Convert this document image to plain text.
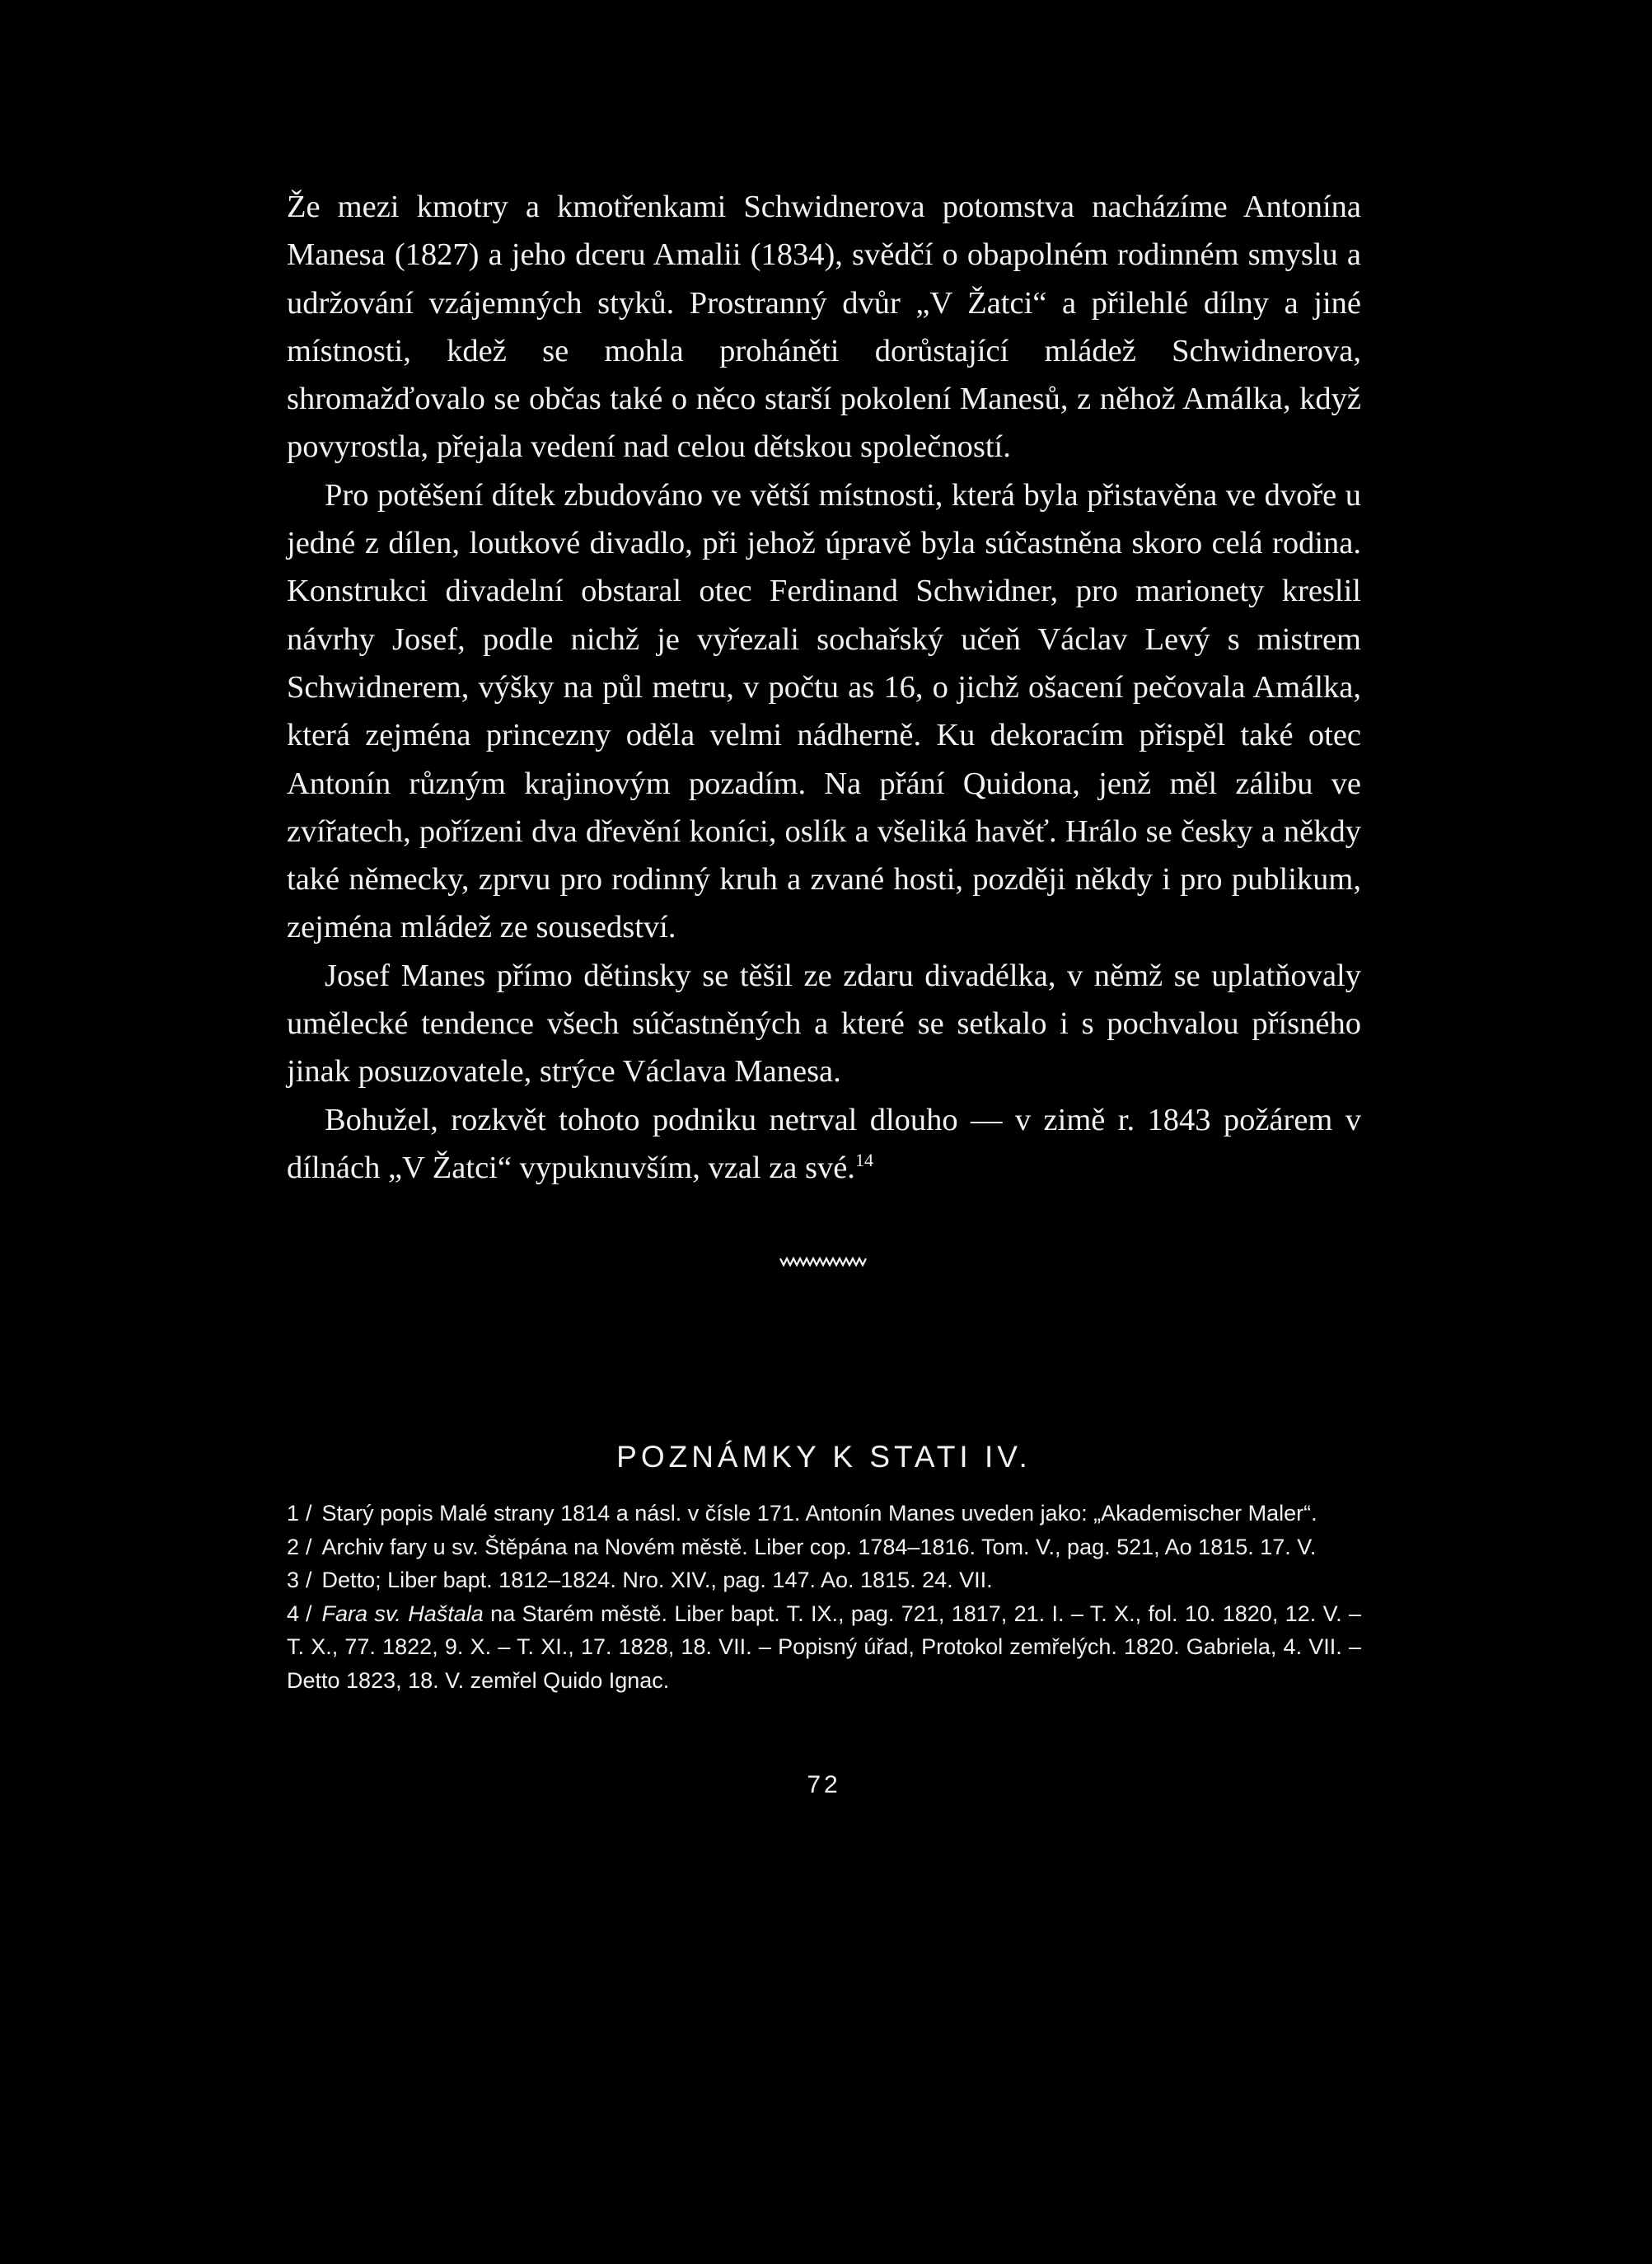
Že mezi kmotry a kmotřenkami Schwidnerova potomstva nacházíme Antonína Manesa (1827) a jeho dceru Amalii (1834), svědčí o obapolném rodinném smyslu a udržování vzájemných styků. Prostranný dvůr „V Žatci“ a přilehlé dílny a jiné místnosti, kdež se mohla proháněti dorůstající mládež Schwidnerova, shromažďovalo se občas také o něco starší pokolení Manesů, z něhož Amálka, když povyrostla, přejala vedení nad celou dětskou společností.

Pro potěšení dítek zbudováno ve větší místnosti, která byla přistavěna ve dvoře u jedné z dílen, loutkové divadlo, při jehož úpravě byla súčastněna skoro celá rodina. Konstrukci divadelní obstaral otec Ferdinand Schwidner, pro marionety kreslil návrhy Josef, podle nichž je vyřezali sochařský učeň Václav Levý s mistrem Schwidnerem, výšky na půl metru, v počtu as 16, o jichž ošacení pečovala Amálka, která zejména princezny oděla velmi nádherně. Ku dekoracím přispěl také otec Antonín různým krajinovým pozadím. Na přání Quidona, jenž měl zálibu ve zvířatech, pořízeni dva dřevění koníci, oslík a všeliká havěť. Hrálo se česky a někdy také německy, zprvu pro rodinný kruh a zvané hosti, později někdy i pro publikum, zejména mládež ze sousedství.

Josef Manes přímo dětinsky se těšil ze zdaru divadélka, v němž se uplatňovaly umělecké tendence všech súčastněných a které se setkalo i s pochvalou přísného jinak posuzovatele, strýce Václava Manesa.

Bohužel, rozkvět tohoto podniku netrval dlouho — v zimě r. 1843 požárem v dílnách „V Žatci“ vypuknuvším, vzal za své.$^{14}$

POZNÁMKY K STATI IV.

1 / Starý popis Malé strany 1814 a násl. v čísle 171. Antonín Manes uveden jako: „Akademischer Maler“.

2 / Archiv fary u sv. Štěpána na Novém městě. Liber cop. 1784–1816. Tom. V., pag. 521, Ao 1815. 17. V.

3 / Detto; Liber bapt. 1812–1824. Nro. XIV., pag. 147. Ao. 1815. 24. VII.

4 / Fara sv. Haštala na Starém městě. Liber bapt. T. IX., pag. 721, 1817, 21. I. – T. X., fol. 10. 1820, 12. V. – T. X., 77. 1822, 9. X. – T. XI., 17. 1828, 18. VII. – Popisný úřad, Protokol zemřelých. 1820. Gabriela, 4. VII. – Detto 1823, 18. V. zemřel Quido Ignac.

72
